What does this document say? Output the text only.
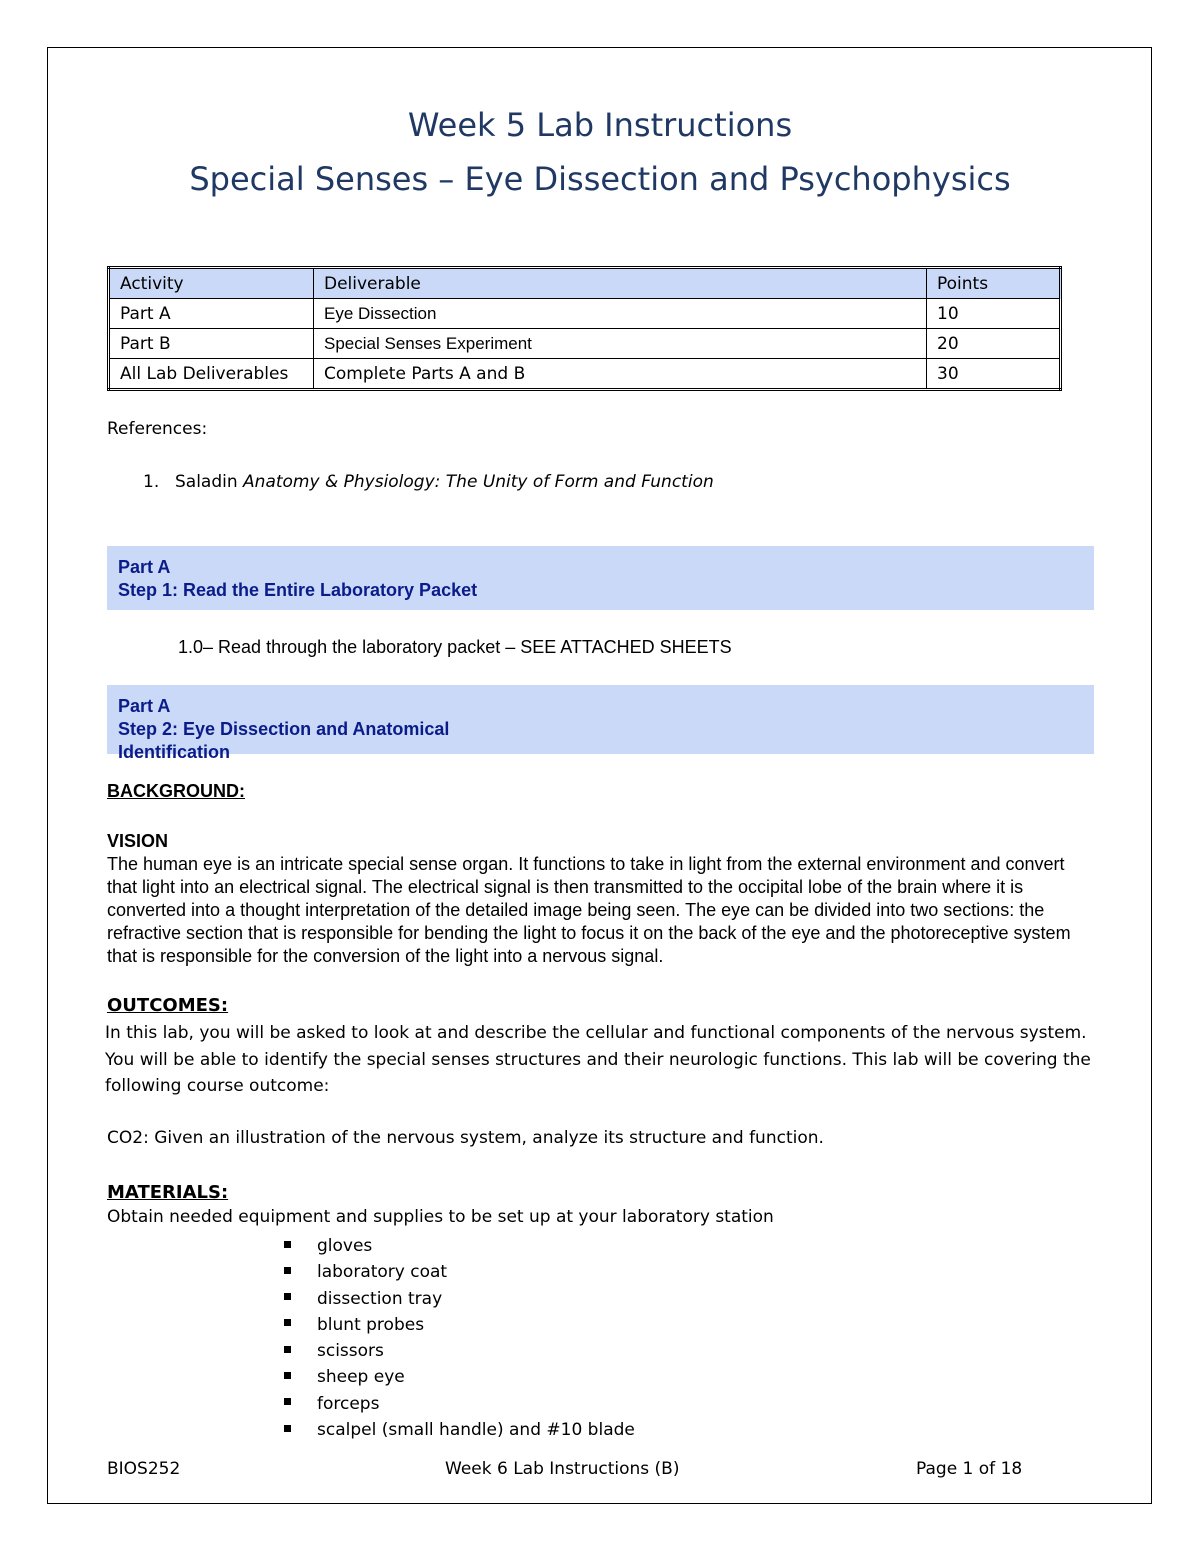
Week 5 Lab Instructions
Special Senses – Eye Dissection and Psychophysics
Activity	Deliverable	Points
Part A	Eye Dissection	10
Part B	Special Senses Experiment	20
All Lab Deliverables	Complete Parts A and B	30
References:
1. Saladin Anatomy & Physiology: The Unity of Form and Function
Part A
Step 1: Read the Entire Laboratory Packet
1.0– Read through the laboratory packet – SEE ATTACHED SHEETS
Part A
Step 2: Eye Dissection and Anatomical
Identification
BACKGROUND:
VISION
The human eye is an intricate special sense organ. It functions to take in light from the external environment and convert that light into an electrical signal. The electrical signal is then transmitted to the occipital lobe of the brain where it is converted into a thought interpretation of the detailed image being seen. The eye can be divided into two sections: the refractive section that is responsible for bending the light to focus it on the back of the eye and the photoreceptive system that is responsible for the conversion of the light into a nervous signal.
OUTCOMES:
In this lab, you will be asked to look at and describe the cellular and functional components of the nervous system. You will be able to identify the special senses structures and their neurologic functions. This lab will be covering the following course outcome:
CO2: Given an illustration of the nervous system, analyze its structure and function.
MATERIALS:
Obtain needed equipment and supplies to be set up at your laboratory station
gloves
laboratory coat
dissection tray
blunt probes
scissors
sheep eye
forceps
scalpel (small handle) and #10 blade
BIOS252	Week 6 Lab Instructions (B)	Page 1 of 18
